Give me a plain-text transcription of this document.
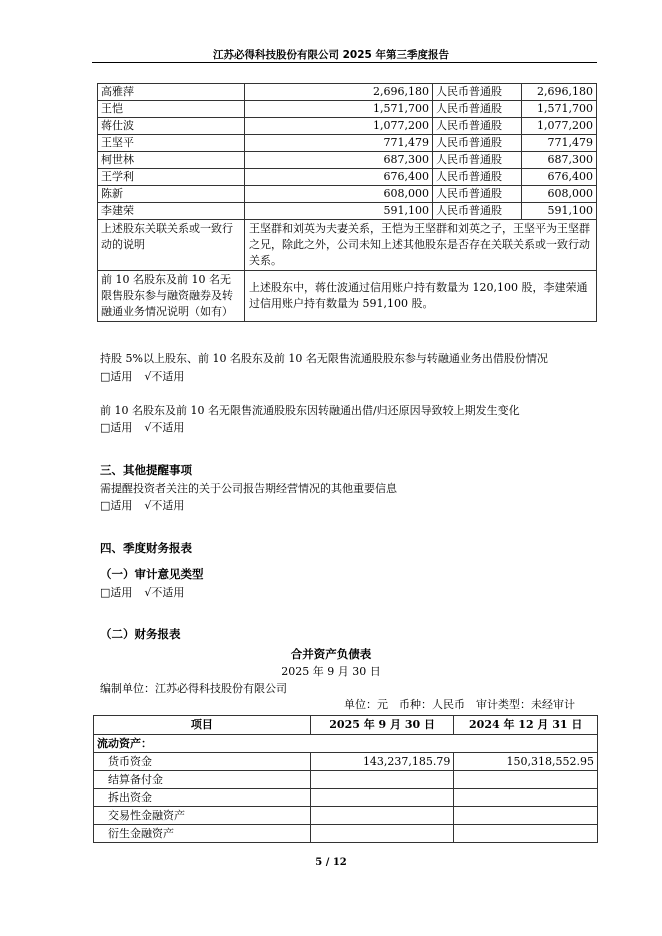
江苏必得科技股份有限公司 2025 年第三季度报告
高雅萍	2,696,180	人民币普通股	2,696,180
王恺	1,571,700	人民币普通股	1,571,700
蒋仕波	1,077,200	人民币普通股	1,077,200
王坚平	771,479	人民币普通股	771,479
柯世林	687,300	人民币普通股	687,300
王学利	676,400	人民币普通股	676,400
陈新	608,000	人民币普通股	608,000
李建荣	591,100	人民币普通股	591,100
上述股东关联关系或一致行动的说明	王坚群和刘英为夫妻关系，王恺为王坚群和刘英之子，王坚平为王坚群之兄，除此之外，公司未知上述其他股东是否存在关联关系或一致行动关系。		
前 10 名股东及前 10 名无限售股东参与融资融券及转融通业务情况说明（如有）	上述股东中，蒋仕波通过信用账户持有数量为 120,100 股，李建荣通过信用账户持有数量为 591,100 股。		
持股 5%以上股东、前 10 名股东及前 10 名无限售流通股股东参与转融通业务出借股份情况
□适用 √不适用
前 10 名股东及前 10 名无限售流通股股东因转融通出借/归还原因导致较上期发生变化
□适用 √不适用
三、其他提醒事项
需提醒投资者关注的关于公司报告期经营情况的其他重要信息
□适用 √不适用
四、季度财务报表
（一）审计意见类型
□适用 √不适用
（二）财务报表
合并资产负债表
2025 年 9 月 30 日
编制单位：江苏必得科技股份有限公司
单位：元　币种：人民币　审计类型：未经审计
项目	2025 年 9 月 30 日	2024 年 12 月 31 日
流动资产：		
货币资金	143,237,185.79	150,318,552.95
结算备付金		
拆出资金		
交易性金融资产		
衍生金融资产		
5 / 12
